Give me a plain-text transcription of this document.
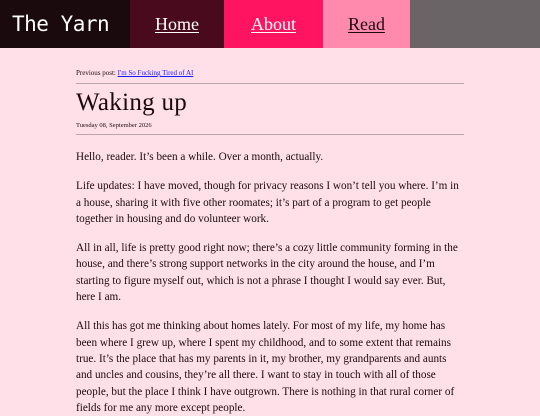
The Yarn	Home	About	Read
Previous post: I'm So Fucking Tired of AI
Waking up
Tuesday 08, September 2026

Hello, reader. It’s been a while. Over a month, actually.

Life updates: I have moved, though for privacy reasons I won’t tell you where. I’m in a house, sharing it with five other roomates; it’s part of a program to get people together in housing and do volunteer work.

All in all, life is pretty good right now; there’s a cozy little community forming in the house, and there’s strong support networks in the city around the house, and I’m starting to figure myself out, which is not a phrase I thought I would say ever. But, here I am.

All this has got me thinking about homes lately. For most of my life, my home has been where I grew up, where I spent my childhood, and to some extent that remains true. It’s the place that has my parents in it, my brother, my grandparents and aunts and uncles and cousins, they’re all there. I want to stay in touch with all of those people, but the place I think I have outgrown. There is nothing in that rural corner of fields for me any more except people.
